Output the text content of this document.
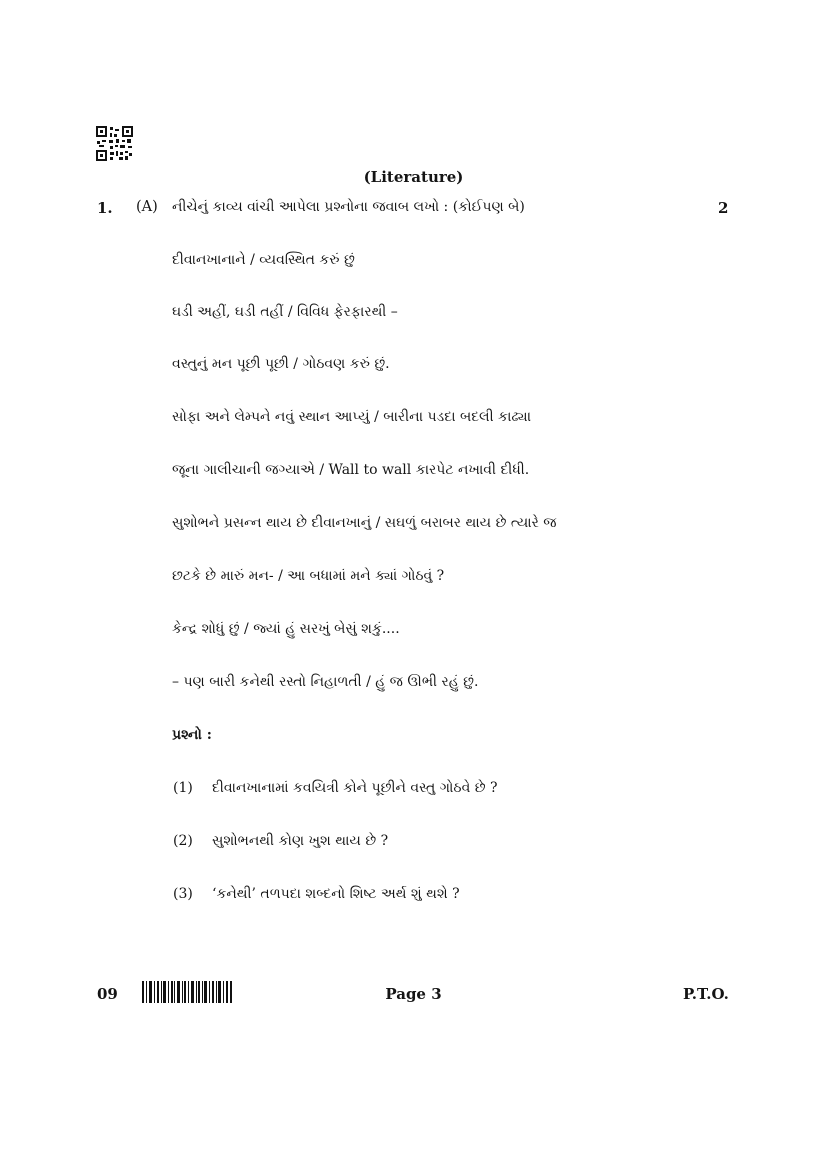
(Literature)
1. (A) નીચેનું કાવ્ય વાંચી આપેલા પ્રશ્નોના જવાબ લખો : (કોઈપણ બે)	2
દીવાનખાનાને / વ્યવસ્થિત કરું છું
ઘડી અહીં, ઘડી તહીં / વિવિધ ફેરફારથી –
વસ્તુનું મન પૂછી પૂછી / ગોઠવણ કરું છું.
સોફા અને લેમ્પને નવું સ્થાન આપ્યું / બારીના પડદા બદલી કાઢ્યા
જૂના ગાલીચાની જગ્યાએ / Wall to wall કારપેટ નખાવી દીધી.
સુશોભને પ્રસન્ન થાય છે દીવાનખાનું / સઘળું બરાબર થાય છે ત્યારે જ
છટકે છે મારું મન- / આ બધામાં મને ક્યાં ગોઠવું ?
કેન્દ્ર શોધું છું / જ્યાં હું સરખું બેસું શકું....
– પણ બારી કનેથી રસ્તો નિહાળતી / હું જ ઊભી રહું છું.
પ્રશ્નો :
(1) દીવાનખાનામાં કવયિત્રી કોને પૂછીને વસ્તુ ગોઠવે છે ?
(2) સુશોભનથી કોણ ખુશ થાય છે ?
(3) ‘કનેથી’ તળપદા શબ્દનો શિષ્ટ અર્થ શું થશે ?
09	Page 3	P.T.O.
